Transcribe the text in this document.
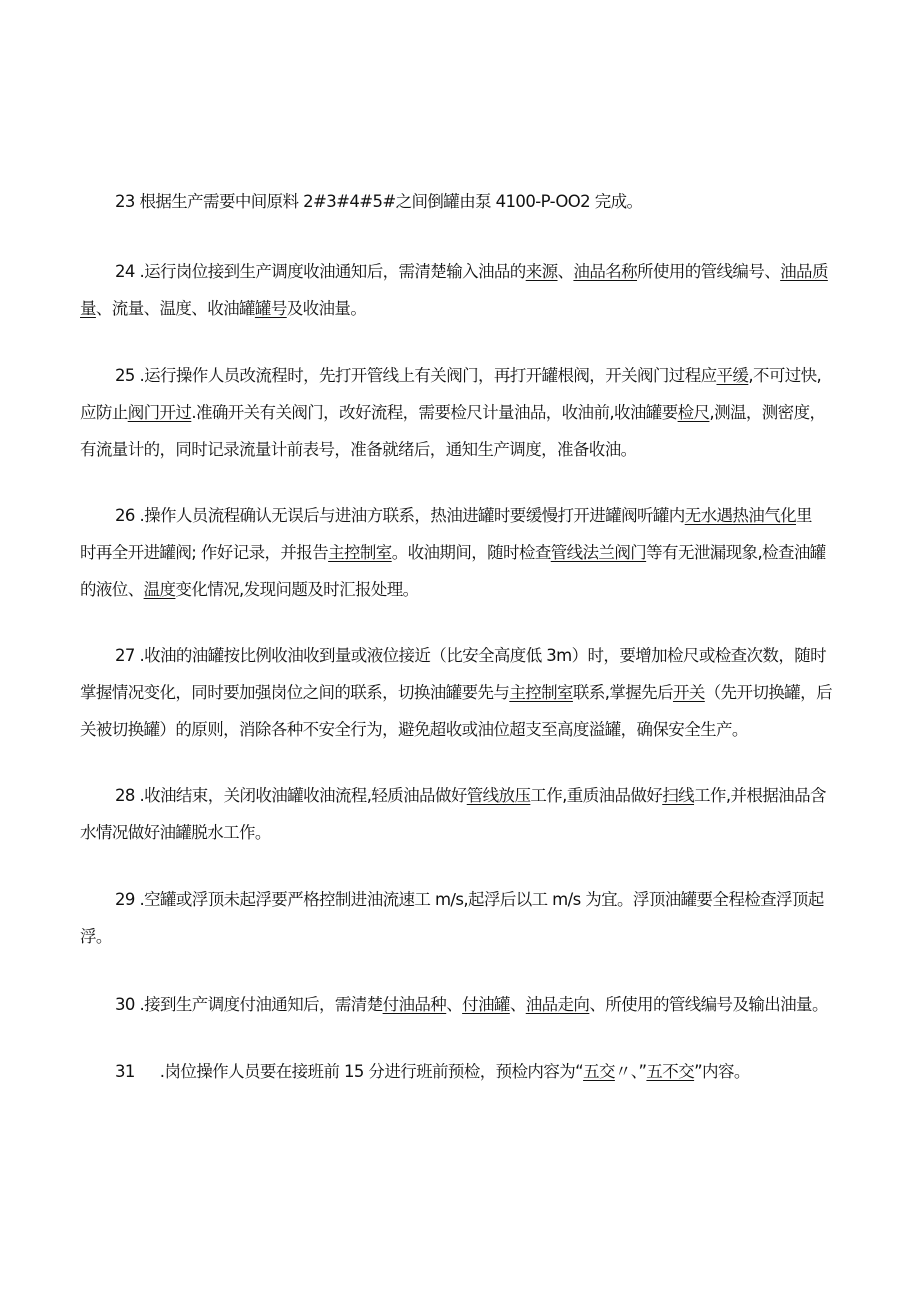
23 根据生产需要中间原料 2#3#4#5#之间倒罐由泵 4100-P-OO2 完成。
24 .运行岗位接到生产调度收油通知后，需清楚输入油品的来源、油品名称所使用的管线编号、油品质
量、流量、温度、收油罐罐号及收油量。
25 .运行操作人员改流程时，先打开管线上有关阀门，再打开罐根阀，开关阀门过程应平缓,不可过快,
应防止阀门开过.准确开关有关阀门，改好流程，需要检尺计量油品，收油前,收油罐要检尺,测温，测密度，
有流量计的，同时记录流量计前表号，准备就绪后，通知生产调度，准备收油。
26 .操作人员流程确认无误后与进油方联系，热油进罐时要缓慢打开进罐阀听罐内无水遇热油气化里
时再全开进罐阀; 作好记录，并报告主控制室。收油期间，随时检查管线法兰阀门等有无泄漏现象,检查油罐
的液位、温度变化情况,发现问题及时汇报处理。
27 .收油的油罐按比例收油收到量或液位接近（比安全高度低 3m）时，要增加检尺或检查次数，随时
掌握情况变化，同时要加强岗位之间的联系，切换油罐要先与主控制室联系,掌握先后开关（先开切换罐，后
关被切换罐）的原则，消除各种不安全行为，避免超收或油位超支至高度溢罐，确保安全生产。
28 .收油结束，关闭收油罐收油流程,轻质油品做好管线放压工作,重质油品做好扫线工作,并根据油品含
水情况做好油罐脱水工作。
29 .空罐或浮顶未起浮要严格控制进油流速工 m∕s,起浮后以工 m/s 为宜。浮顶油罐要全程检查浮顶起
浮。
30 .接到生产调度付油通知后，需清楚付油品种、付油罐、油品走向、所使用的管线编号及输出油量。
31 .岗位操作人员要在接班前 15 分进行班前预检，预检内容为“五交〃、”五不交”内容。
